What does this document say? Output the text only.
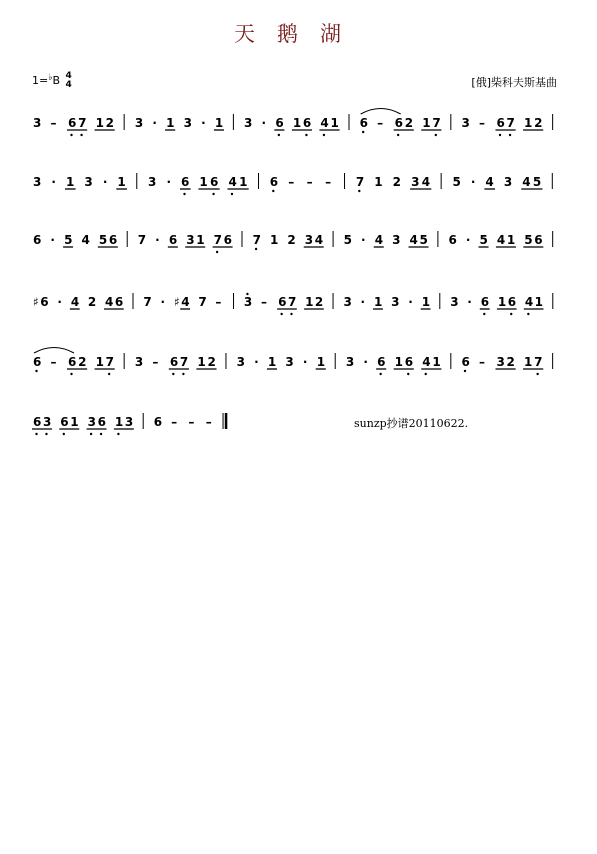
天鹅湖
1=♭B 4
4	[俄]柴科夫斯基曲
3 – 6 7 1 2 3 · 1 3 · 1 3 · 6 1 6 4 1 6 – 6 2 1 7 3 – 6 7 1 2
3 · 1 3 · 1 3 · 6 1 6 4 1 6 – – – 7 1 2 3 4 5 · 4 3 4 5
6 · 5 4 5 6 7 · 6 3 1 7 6 7 1 2 3 4 5 · 4 3 4 5 6 · 5 4 1 5 6
♯ 6 · 4 2 4 6 7 · ♯ 4 7 – 3 – 6 7 1 2 3 · 1 3 · 1 3 · 6 1 6 4 1
6 – 6 2 1 7 3 – 6 7 1 2 3 · 1 3 · 1 3 · 6 1 6 4 1 6 – 3 2 1 7
6 3 6 1 3 6 1 3 6 – – –	sunzp抄谱20110622.
